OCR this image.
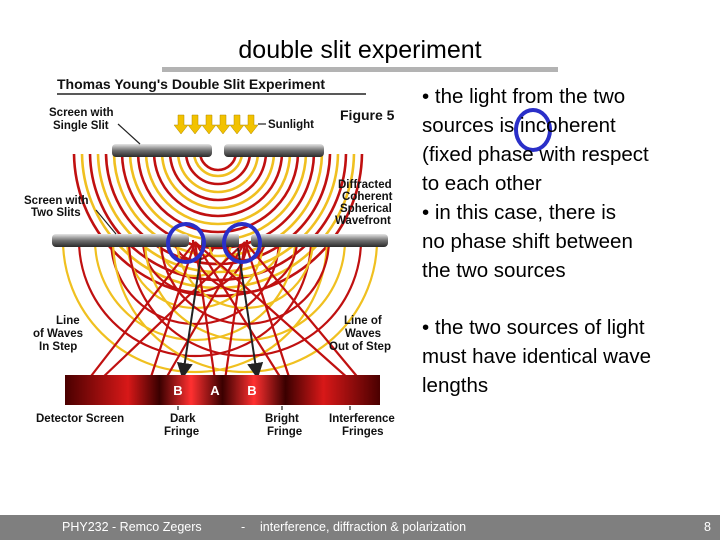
double slit experiment
Thomas Young's Double Slit Experiment
B A B
Screen with
Single Slit	Sunlight
Figure 5
Screen with
Two Slits
Diffracted
Coherent
Spherical
Wavefront
Line
of Waves
In Step
Line of
Waves
Out of Step
Detector Screen	Dark
Fringe
Bright
Fringe
Interference
Fringes
• the light from the two
sources is incoherent
(fixed phase with respect
to each other
• in this case, there is
no phase shift between
the two sources
• the two sources of light
must have identical wave
lengths
PHY232 - Remco Zegers	- interference, diffraction & polarization	8
